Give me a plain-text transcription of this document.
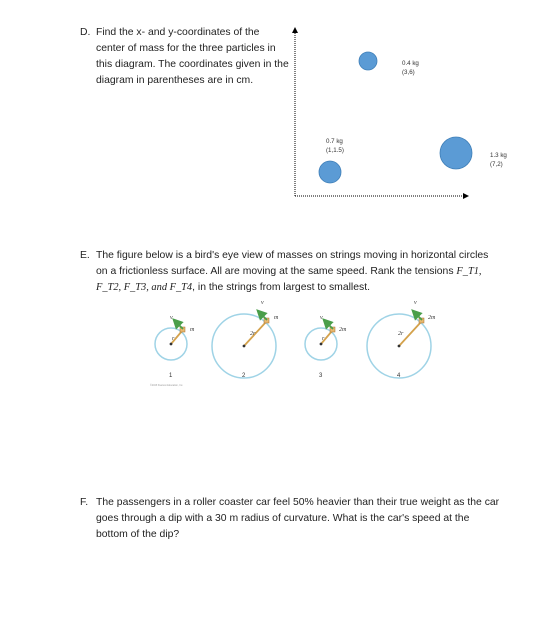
D. Find the x- and y-coordinates of the center of mass for the three particles in this diagram. The coordinates given in the diagram in parentheses are in cm.
E. The figure below is a bird's eye view of masses on strings moving in horizontal circles on a frictionless surface. All are moving at the same speed. Rank the tensions F_T1, F_T2, F_T3, and F_T4, in the strings from largest to smallest.
F. The passengers in a roller coaster car feel 50% heavier than their true weight as the car goes through a dip with a 30 m radius of curvature. What is the car's speed at the bottom of the dip?
0.4 kg
(3,6)
0.7 kg
(1,1.5)
1.3 kg
(7,2)
v
r
m
1
v
2r
m
2
v
r
2m
3
v
2r
2m
4
©2015 Pearson Education, Inc.
